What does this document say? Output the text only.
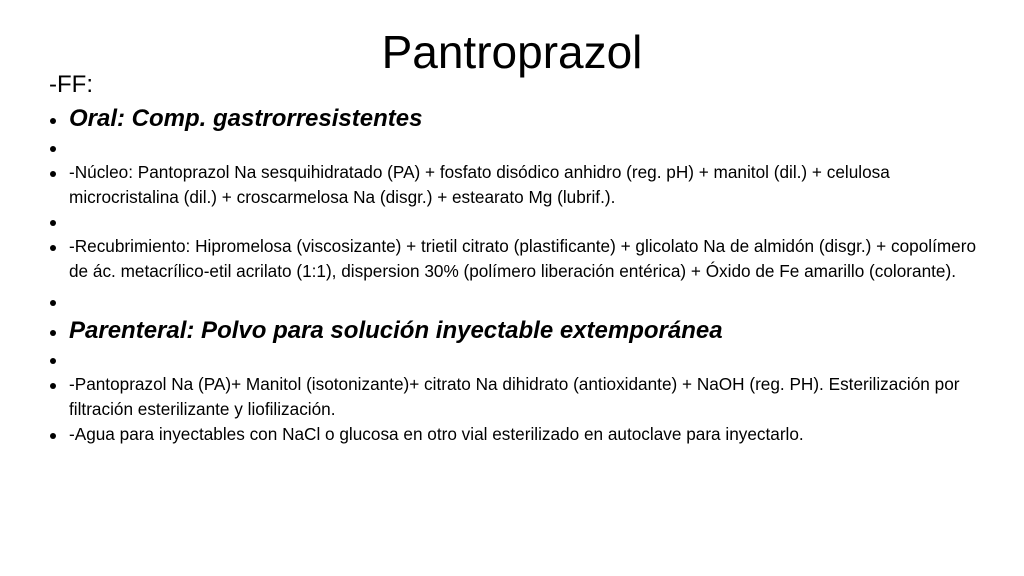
Pantroprazol

-FF:

Oral: Comp. gastrorresistentes
-Núcleo: Pantoprazol Na sesquihidratado (PA) + fosfato disódico anhidro (reg. pH) + manitol (dil.) + celulosa microcristalina (dil.) + croscarmelosa Na (disgr.) + estearato Mg (lubrif.).
-Recubrimiento: Hipromelosa (viscosizante) + trietil citrato (plastificante) + glicolato Na de almidón (disgr.) + copolímero de ác. metacrílico-etil acrilato (1:1), dispersion 30% (polímero liberación entérica) + Óxido de Fe amarillo (colorante).
Parenteral: Polvo para solución inyectable extemporánea
-Pantoprazol Na (PA)+ Manitol (isotonizante)+ citrato Na dihidrato (antioxidante) + NaOH (reg. PH). Esterilización por filtración esterilizante y liofilización.
-Agua para inyectables con NaCl o glucosa en otro vial esterilizado en autoclave para inyectarlo.
